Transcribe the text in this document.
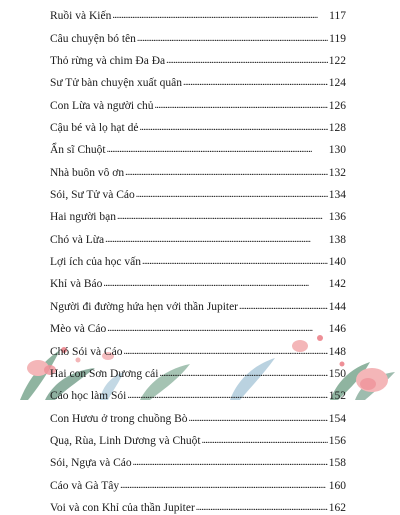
Ruồi và Kiến . . .	117
Câu chuyện bó tên . . .	119
Thỏ rừng và chim Đa Đa . . .	122
Sư Tử bàn chuyện xuất quân . . .	124
Con Lừa và người chủ . . .	126
Cậu bé và lọ hạt dẻ . . .	128
Ẩn sĩ Chuột . . .	130
Nhà buôn vô ơn . . .	132
Sói, Sư Tử và Cáo . . .	134
Hai người bạn . . .	136
Chó và Lừa . . .	138
Lợi ích của học vấn . . .	140
Khỉ và Báo . . .	142
Người đi đường hứa hẹn với thần Jupiter . . .	144
Mèo và Cáo . . .	146
Chó Sói và Cáo . . .	148
Hai con Sơn Dương cái . . .	150
Cáo học làm Sói . . .	152
Con Hươu ở trong chuồng Bò . . .	154
Quạ, Rùa, Linh Dương và Chuột . . .	156
Sói, Ngựa và Cáo . . .	158
Cáo và Gà Tây . . .	160
Voi và con Khỉ của thần Jupiter . . .	162
